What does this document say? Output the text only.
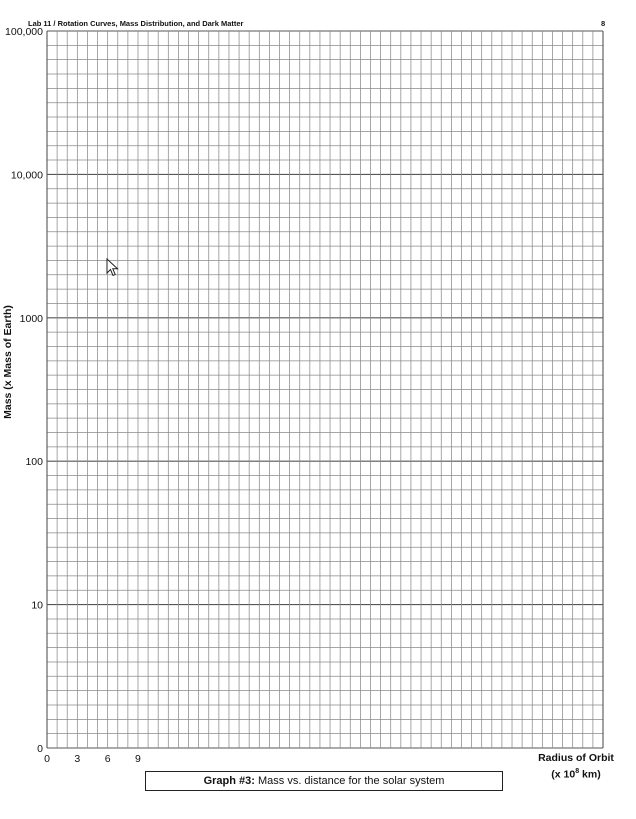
Lab 11 / Rotation Curves, Mass Distribution, and Dark Matter	8
0
10
100
1000
10,000
100,000
0 3 6 9
Mass (x Mass of Earth)
Radius of Orbit
(x $10^8$ km)
Graph #3: Mass vs. distance for the solar system
